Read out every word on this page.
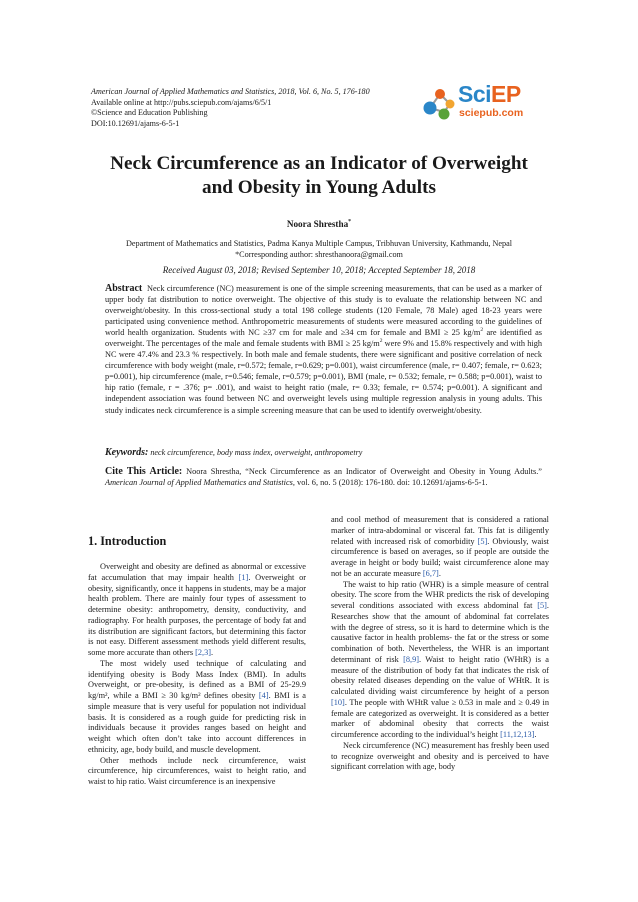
American Journal of Applied Mathematics and Statistics, 2018, Vol. 6, No. 5, 176-180
Available online at http://pubs.sciepub.com/ajams/6/5/1
©Science and Education Publishing
DOI:10.12691/ajams-6-5-1
SciEP
sciepub.com
Neck Circumference as an Indicator of Overweight
and Obesity in Young Adults
Noora Shrestha*
Department of Mathematics and Statistics, Padma Kanya Multiple Campus, Tribhuvan University, Kathmandu, Nepal
*Corresponding author: shresthanoora@gmail.com
Received August 03, 2018; Revised September 10, 2018; Accepted September 18, 2018
Abstract Neck circumference (NC) measurement is one of the simple screening measurements, that can be used as a marker of upper body fat distribution to notice overweight. The objective of this study is to evaluate the relationship between NC and overweight/obesity. In this cross-sectional study a total 198 college students (120 Female, 78 Male) aged 18-23 years were participated using convenience method. Anthropometric measurements of students were measured according to the guidelines of world health organization. Students with NC ≥37 cm for male and ≥34 cm for female and BMI ≥ 25 $kg/m^2$ are identified as overweight. The percentages of the male and female students with BMI ≥ 25 $kg/m^2$ were 9% and 15.8% respectively and with high NC were 47.4% and 23.3 % respectively. In both male and female students, there were significant and positive correlation of neck circumference with body weight (male, r=0.572; female, r=0.629; p=0.001), waist circumference (male, r= 0.407; female, r= 0.623; p=0.001), hip circumference (male, r=0.546; female, r=0.579; p=0.001), BMI (male, r= 0.532; female, r= 0.588; p=0.001), waist to hip ratio (female, r = .376; p= .001), and waist to height ratio (male, r= 0.33; female, r= 0.574; p=0.001). A significant and independent association was found between NC and overweight levels using multiple regression analysis in young adults. This study indicates neck circumference is a simple screening measure that can be used to identify overweight/obesity.
Keywords: neck circumference, body mass index, overweight, anthropometry
Cite This Article: Noora Shrestha, “Neck Circumference as an Indicator of Overweight and Obesity in Young Adults.” American Journal of Applied Mathematics and Statistics, vol. 6, no. 5 (2018): 176-180. doi: 10.12691/ajams-6-5-1.
1. Introduction

Overweight and obesity are defined as abnormal or excessive fat accumulation that may impair health [1]. Overweight or obesity, significantly, once it happens in students, may be a major health problem. There are mainly four types of assessment to determine obesity: anthropometry, density, conductivity, and radiography. For health purposes, the percentage of body fat and its distribution are significant factors, but determining this factor is not easy. Different assessment methods yield different results, some more accurate than others [2,3].

The most widely used technique of calculating and identifying obesity is Body Mass Index (BMI). In adults Overweight, or pre-obesity, is defined as a BMI of 25-29.9 kg/m², while a BMI ≥ 30 kg/m² defines obesity [4]. BMI is a simple measure that is very useful for population not individual basis. It is considered as a rough guide for predicting risk in individuals because it provides ranges based on height and weight which often don’t take into account differences in ethnicity, age, body build, and muscle development.

Other methods include neck circumference, waist circumference, hip circumferences, waist to height ratio, and waist to hip ratio. Waist circumference is an inexpensive

and cool method of measurement that is considered a rational marker of intra-abdominal or visceral fat. This fat is diligently related with increased risk of comorbidity [5]. Obviously, waist circumference is based on averages, so if people are outside the average in height or body build; waist circumference alone may not be an accurate measure [6,7].

The waist to hip ratio (WHR) is a simple measure of central obesity. The score from the WHR predicts the risk of developing several conditions associated with excess abdominal fat [5]. Researches show that the amount of abdominal fat correlates with the degree of stress, so it is hard to determine which is the causative factor in health problems- the fat or the stress or some combination of both. Nevertheless, the WHR is an important determinant of risk [8,9]. Waist to height ratio (WHtR) is a measure of the distribution of body fat that indicates the risk of obesity related diseases depending on the value of WHtR. It is calculated dividing waist circumference by height of a person [10]. The people with WHtR value ≥ 0.53 in male and ≥ 0.49 in female are categorized as overweight. It is considered as a better marker of abdominal obesity that corrects the waist circumference according to the individual’s height [11,12,13].

Neck circumference (NC) measurement has freshly been used to recognize overweight and obesity and is perceived to have significant correlation with age, body
